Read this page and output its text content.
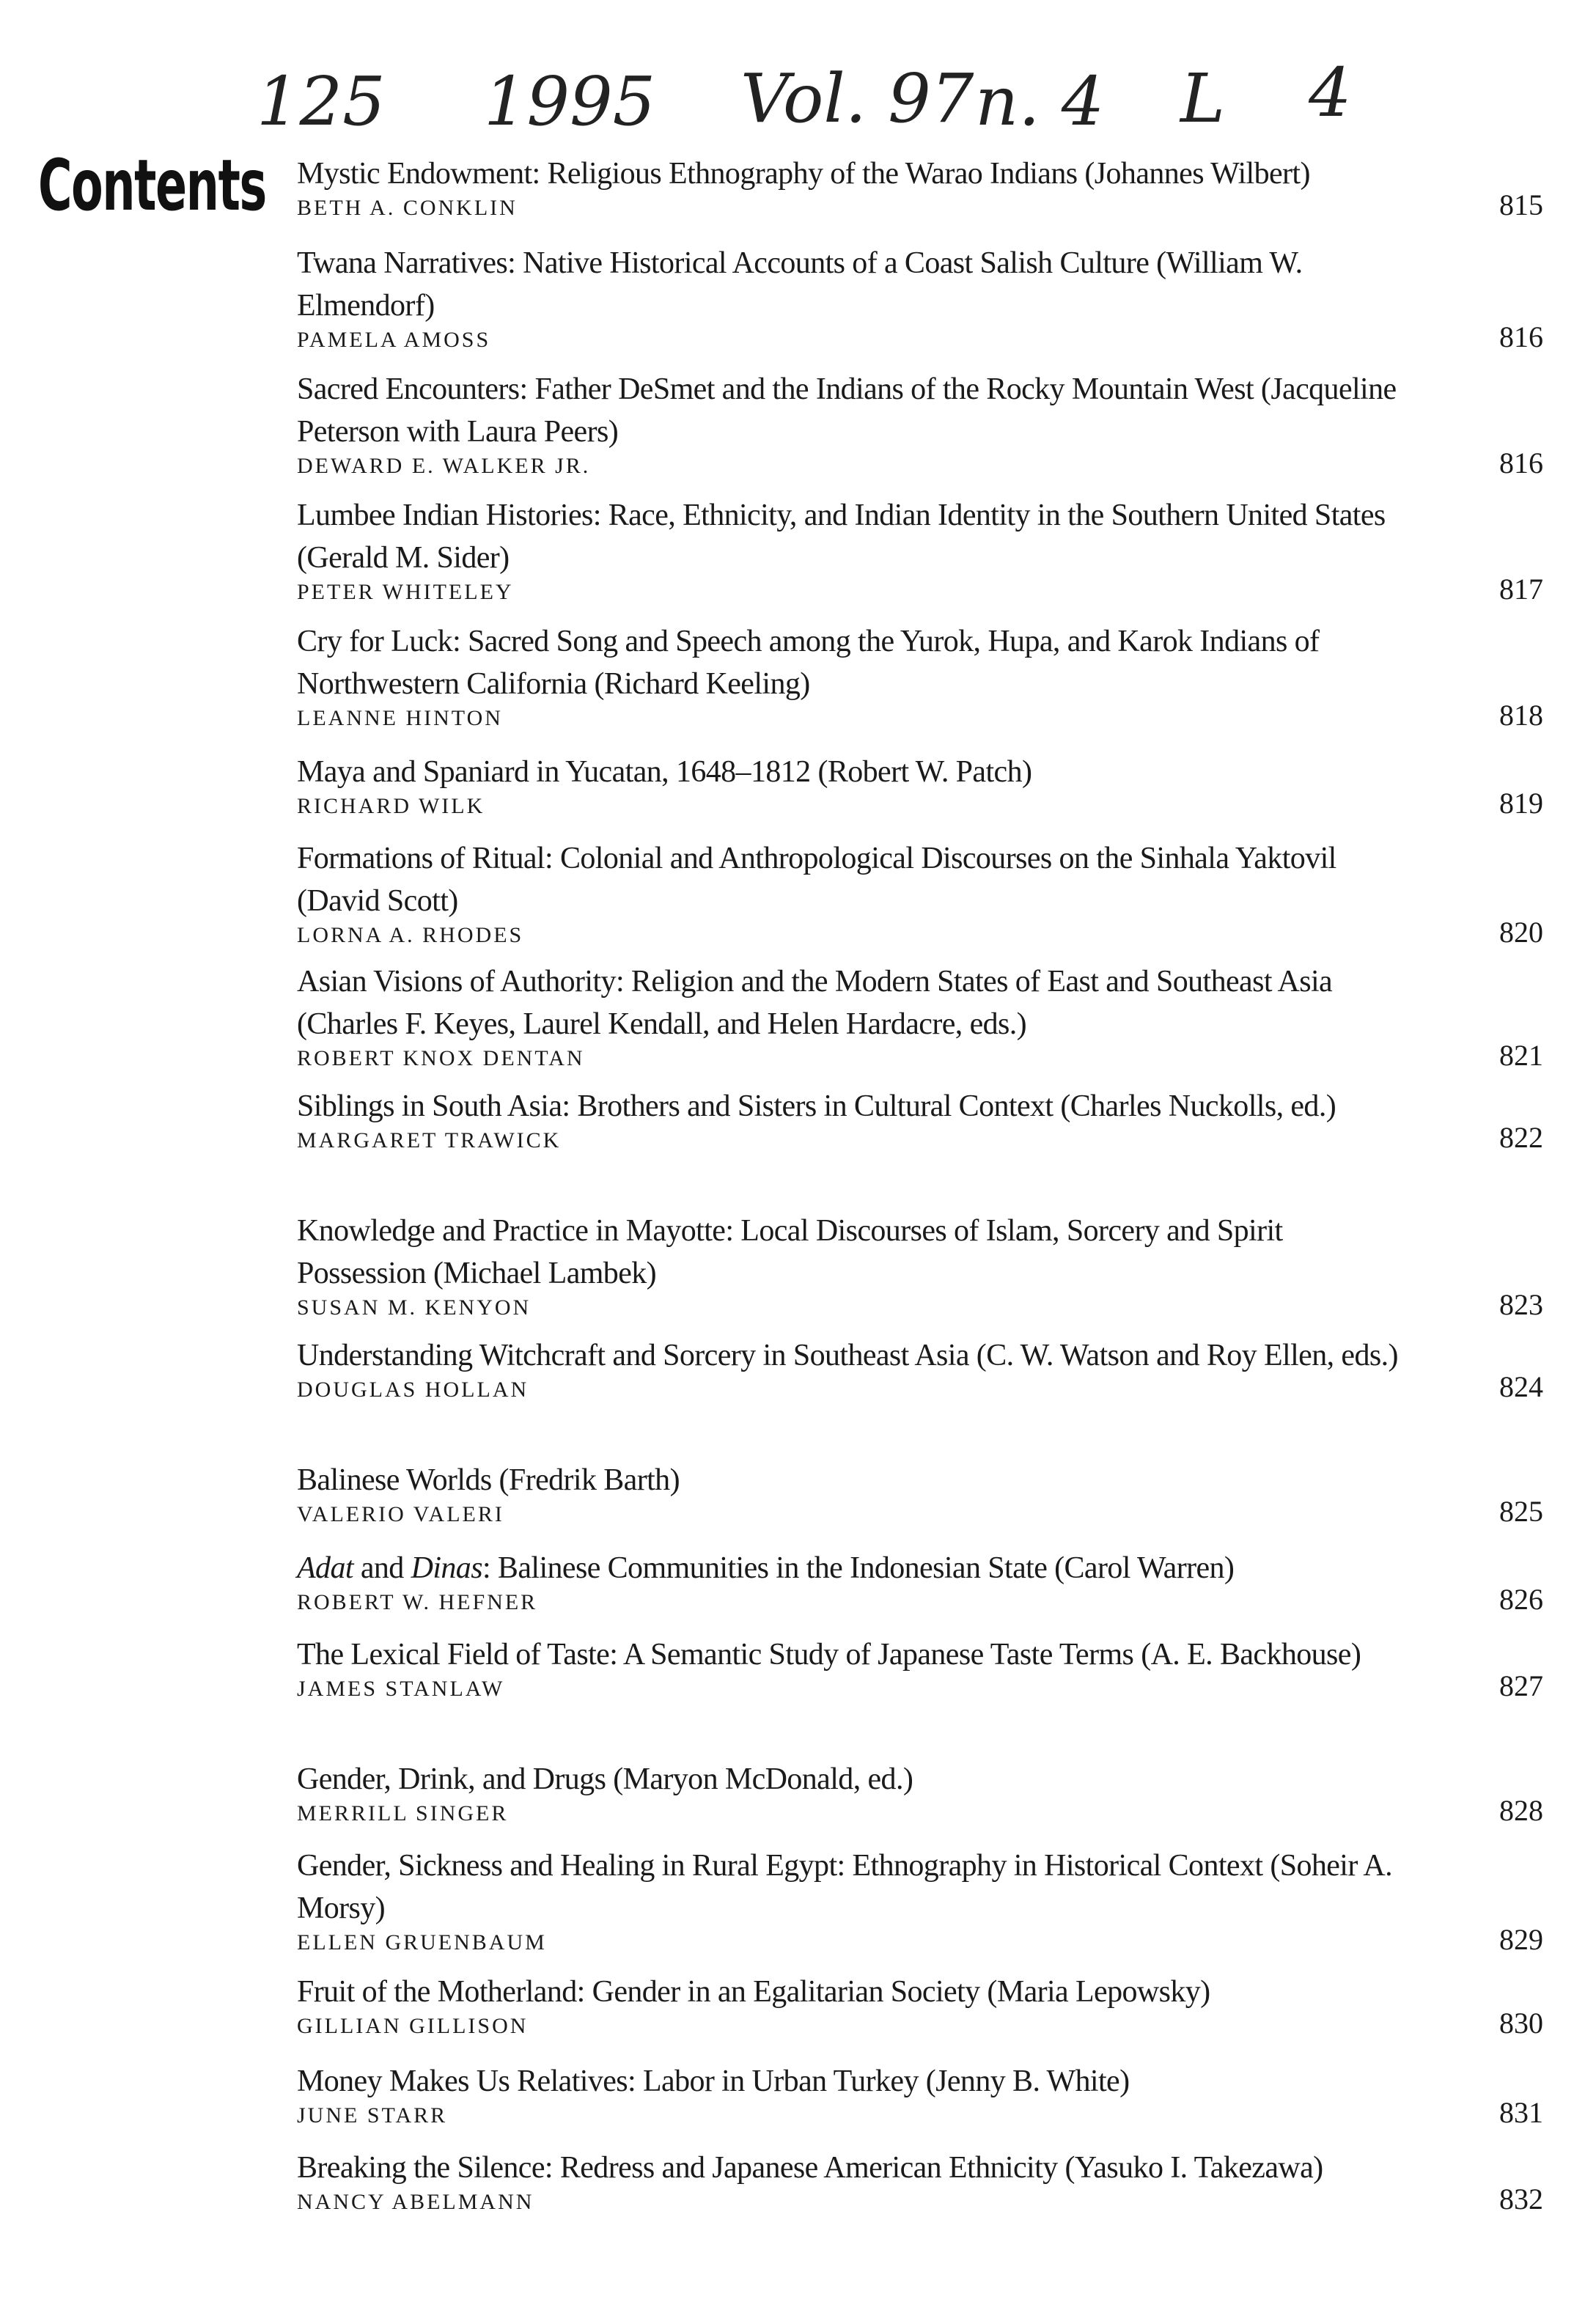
125 1995 Vol. 97 n. 4 L 4
Contents Mystic Endowment: Religious Ethnography of the Warao Indians (Johannes Wilbert)
BETH A. CONKLIN	815
Twana Narratives: Native Historical Accounts of a Coast Salish Culture (William W. Elmendorf)
PAMELA AMOSS	816
Sacred Encounters: Father DeSmet and the Indians of the Rocky Mountain West (Jacqueline Peterson with Laura Peers)
DEWARD E. WALKER JR.	816
Lumbee Indian Histories: Race, Ethnicity, and Indian Identity in the Southern United States (Gerald M. Sider)
PETER WHITELEY	817
Cry for Luck: Sacred Song and Speech among the Yurok, Hupa, and Karok Indians of Northwestern California (Richard Keeling)
LEANNE HINTON	818
Maya and Spaniard in Yucatan, 1648–1812 (Robert W. Patch)
RICHARD WILK	819
Formations of Ritual: Colonial and Anthropological Discourses on the Sinhala Yaktovil (David Scott)
LORNA A. RHODES	820
Asian Visions of Authority: Religion and the Modern States of East and Southeast Asia (Charles F. Keyes, Laurel Kendall, and Helen Hardacre, eds.)
ROBERT KNOX DENTAN	821
Siblings in South Asia: Brothers and Sisters in Cultural Context (Charles Nuckolls, ed.)
MARGARET TRAWICK	822
Knowledge and Practice in Mayotte: Local Discourses of Islam, Sorcery and Spirit Possession (Michael Lambek)
SUSAN M. KENYON	823
Understanding Witchcraft and Sorcery in Southeast Asia (C. W. Watson and Roy Ellen, eds.)
DOUGLAS HOLLAN	824
Balinese Worlds (Fredrik Barth)
VALERIO VALERI	825
Adat and Dinas: Balinese Communities in the Indonesian State (Carol Warren)
ROBERT W. HEFNER	826
The Lexical Field of Taste: A Semantic Study of Japanese Taste Terms (A. E. Backhouse)
JAMES STANLAW	827
Gender, Drink, and Drugs (Maryon McDonald, ed.)
MERRILL SINGER	828
Gender, Sickness and Healing in Rural Egypt: Ethnography in Historical Context (Soheir A. Morsy)
ELLEN GRUENBAUM	829
Fruit of the Motherland: Gender in an Egalitarian Society (Maria Lepowsky)
GILLIAN GILLISON	830
Money Makes Us Relatives: Labor in Urban Turkey (Jenny B. White)
JUNE STARR	831
Breaking the Silence: Redress and Japanese American Ethnicity (Yasuko I. Takezawa)
NANCY ABELMANN	832
